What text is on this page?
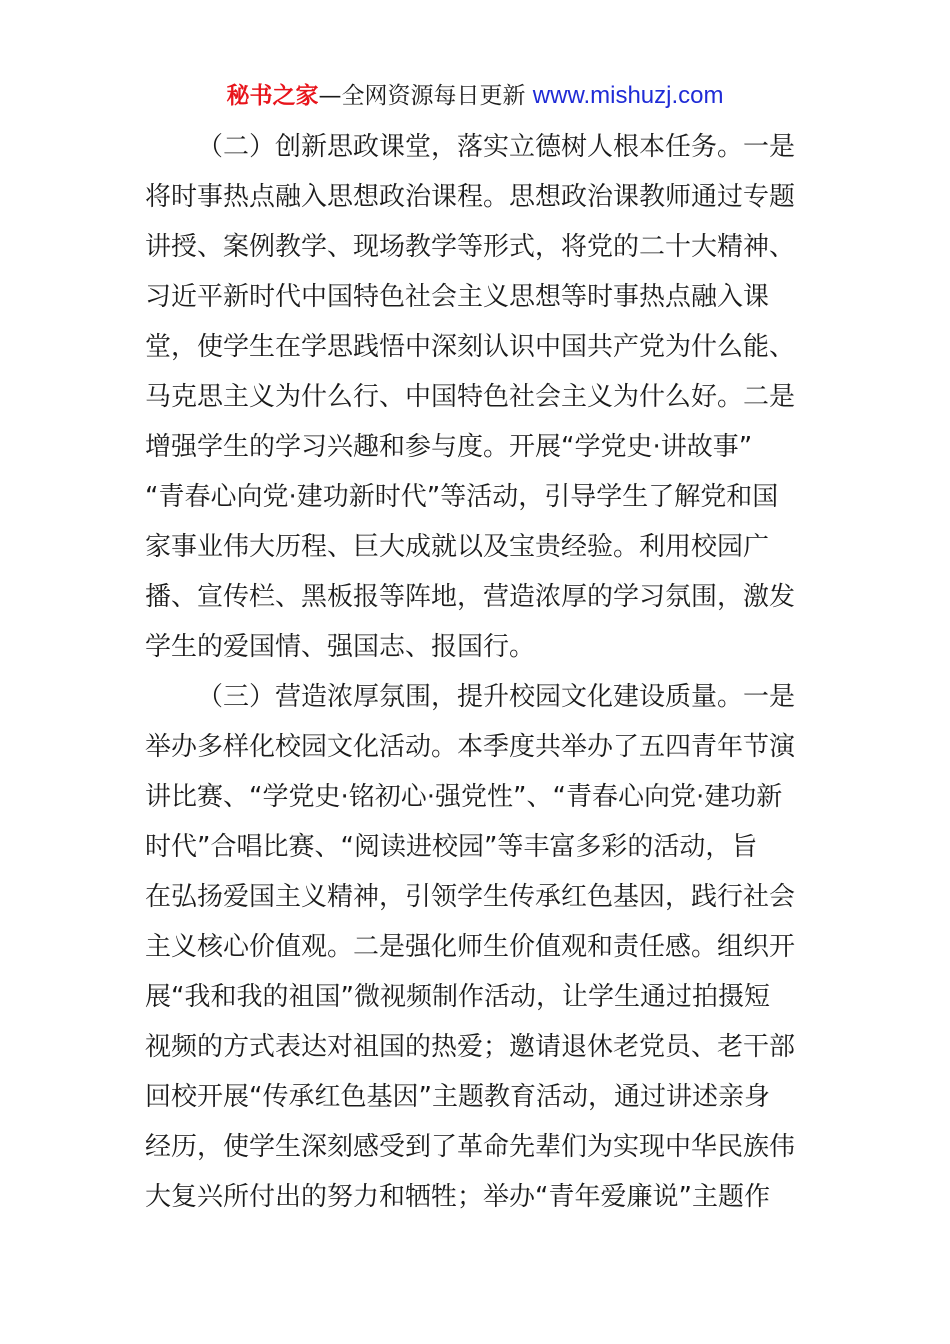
秘书之家—全网资源每日更新 www.mishuzj.com
（二）创新思政课堂，落实立德树人根本任务。一是
将时事热点融入思想政治课程。思想政治课教师通过专题
讲授、案例教学、现场教学等形式，将党的二十大精神、
习近平新时代中国特色社会主义思想等时事热点融入课
堂，使学生在学思践悟中深刻认识中国共产党为什么能、
马克思主义为什么行、中国特色社会主义为什么好。二是
增强学生的学习兴趣和参与度。开展“学党史·讲故事”
“青春心向党·建功新时代”等活动，引导学生了解党和国
家事业伟大历程、巨大成就以及宝贵经验。利用校园广
播、宣传栏、黑板报等阵地，营造浓厚的学习氛围，激发
学生的爱国情、强国志、报国行。
（三）营造浓厚氛围，提升校园文化建设质量。一是
举办多样化校园文化活动。本季度共举办了五四青年节演
讲比赛、“学党史·铭初心·强党性”、“青春心向党·建功新
时代”合唱比赛、“阅读进校园”等丰富多彩的活动，旨
在弘扬爱国主义精神，引领学生传承红色基因，践行社会
主义核心价值观。二是强化师生价值观和责任感。组织开
展“我和我的祖国”微视频制作活动，让学生通过拍摄短
视频的方式表达对祖国的热爱；邀请退休老党员、老干部
回校开展“传承红色基因”主题教育活动，通过讲述亲身
经历，使学生深刻感受到了革命先辈们为实现中华民族伟
大复兴所付出的努力和牺牲；举办“青年爱廉说”主题作
